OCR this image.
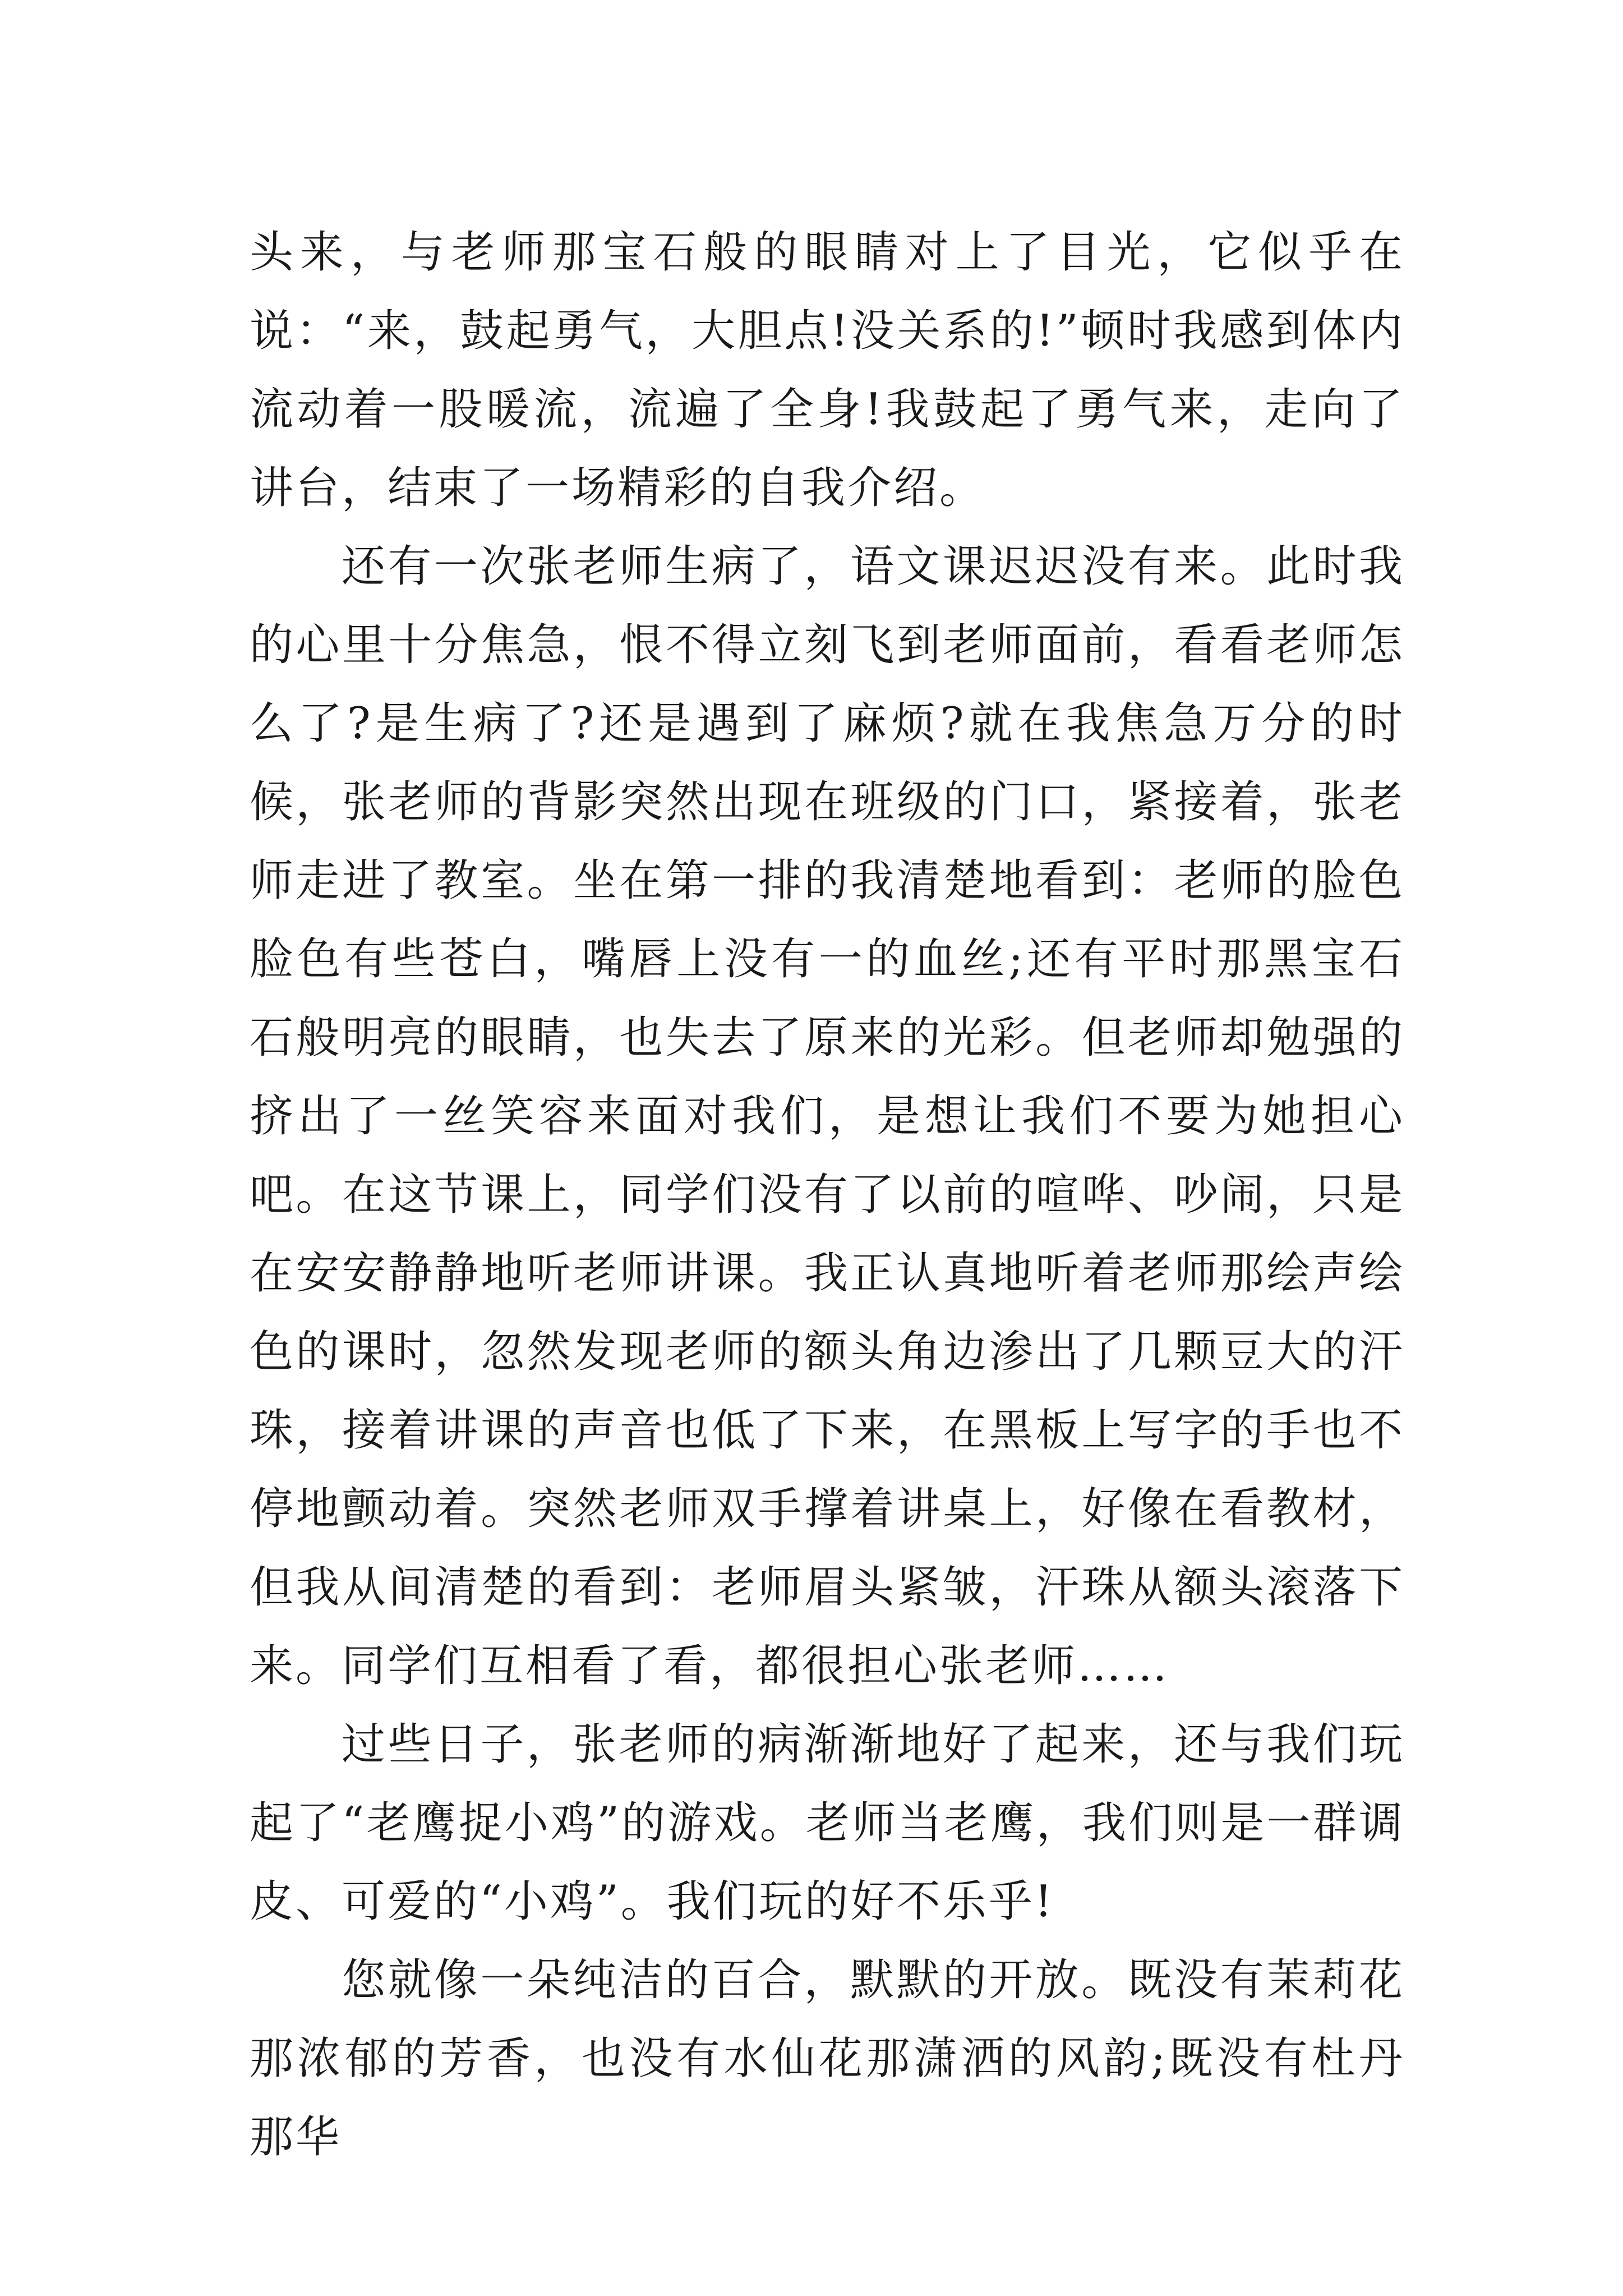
头来，与老师那宝石般的眼睛对上了目光，它似乎在说：“来，鼓起勇气，大胆点!没关系的!”顿时我感到体内流动着一股暖流，流遍了全身!我鼓起了勇气来，走向了讲台，结束了一场精彩的自我介绍。

还有一次张老师生病了，语文课迟迟没有来。此时我的心里十分焦急，恨不得立刻飞到老师面前，看看老师怎么了?是生病了?还是遇到了麻烦?就在我焦急万分的时候，张老师的背影突然出现在班级的门口，紧接着，张老师走进了教室。坐在第一排的我清楚地看到：老师的脸色脸色有些苍白，嘴唇上没有一的血丝;还有平时那黑宝石石般明亮的眼睛，也失去了原来的光彩。但老师却勉强的挤出了一丝笑容来面对我们，是想让我们不要为她担心吧。在这节课上，同学们没有了以前的喧哗、吵闹，只是在安安静静地听老师讲课。我正认真地听着老师那绘声绘色的课时，忽然发现老师的额头角边渗出了几颗豆大的汗珠，接着讲课的声音也低了下来，在黑板上写字的手也不停地颤动着。突然老师双手撑着讲桌上，好像在看教材，但我从间清楚的看到：老师眉头紧皱，汗珠从额头滚落下来。同学们互相看了看，都很担心张老师……

过些日子，张老师的病渐渐地好了起来，还与我们玩起了“老鹰捉小鸡”的游戏。老师当老鹰，我们则是一群调皮、可爱的“小鸡”。我们玩的好不乐乎!

您就像一朵纯洁的百合，默默的开放。既没有茉莉花那浓郁的芳香，也没有水仙花那潇洒的风韵;既没有杜丹那华
